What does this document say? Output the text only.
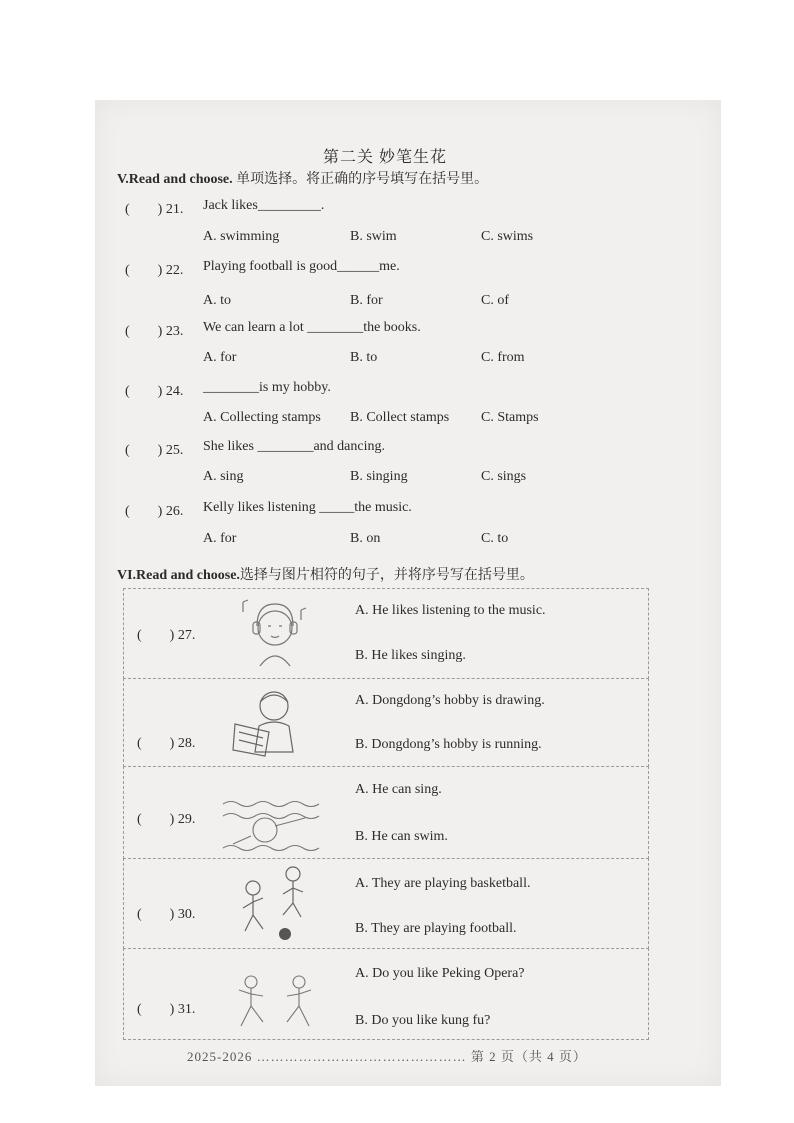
第二关 妙笔生花
V.Read and choose. 单项选择。将正确的序号填写在括号里。
(　　) 21. Jack likes_________.
A. swimming	B. swim	C. swims
(　　) 22. Playing football is good______me.
A. to	B. for	C. of
(　　) 23. We can learn a lot ________the books.
A. for	B. to	C. from
(　　) 24. ________is my hobby.
A. Collecting stamps B. Collect stamps C. Stamps
(　　) 25. She likes ________and dancing.
A. sing	B. singing	C. sings
(　　) 26. Kelly likes listening _____the music.
A. for	B. on	C. to
VI.Read and choose.选择与图片相符的句子，并将序号写在括号里。
(　　) 27.
A. He likes listening to the music.
B. He likes singing.
(　　) 28.
A. Dongdong’s hobby is drawing.
B. Dongdong’s hobby is running.
(　　) 29.
A. He can sing.
B. He can swim.
(　　) 30.
A. They are playing basketball.
B. They are playing football.
(　　) 31.
A. Do you like Peking Opera?
B. Do you like kung fu?
2025-2026 ……………………………………… 第 2 页（共 4 页）
